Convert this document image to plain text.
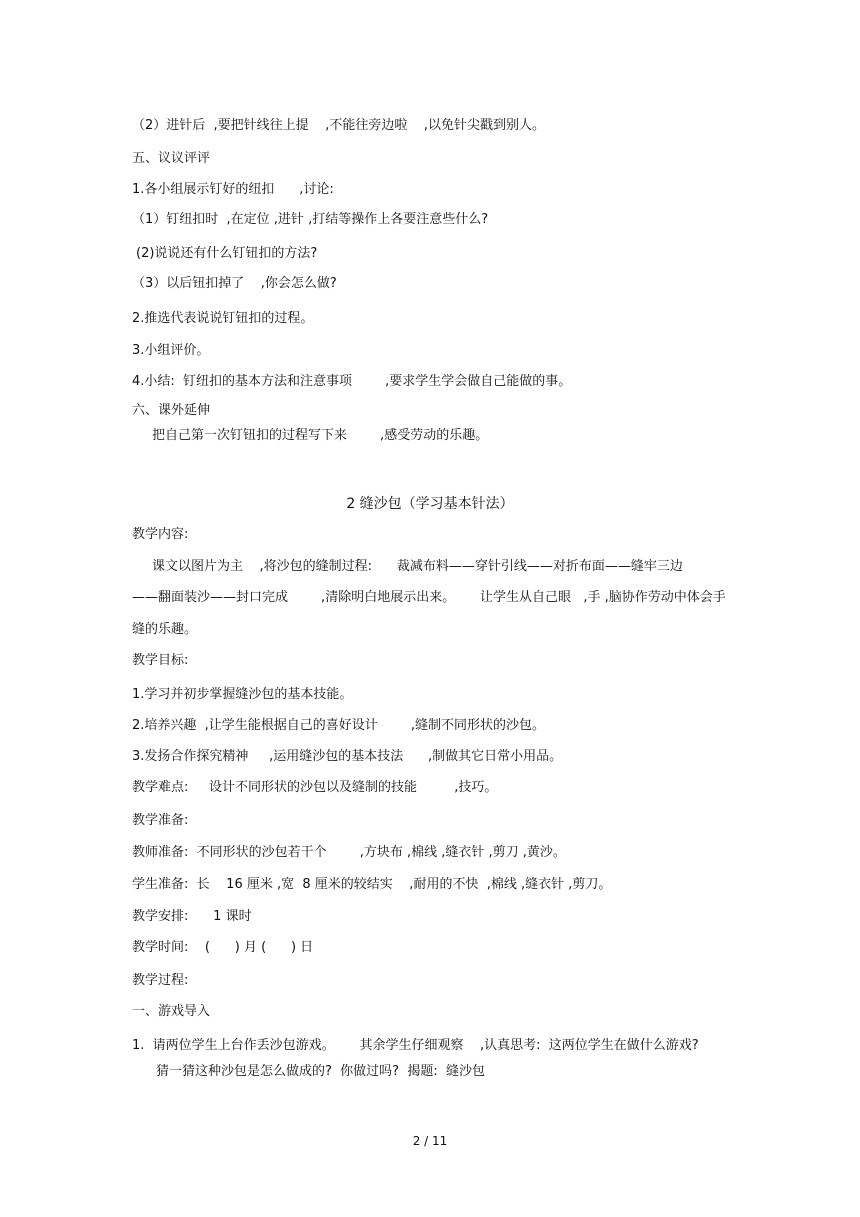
（2）进针后  ,要把针线往上提    ,不能往旁边啦    ,以免针尖戳到别人。
五、议议评评
1.各小组展示钉好的纽扣      ,讨论:
（1）钉纽扣时  ,在定位 ,进针 ,打结等操作上各要注意些什么?
(2)说说还有什么钉钮扣的方法?
（3）以后钮扣掉了    ,你会怎么做?
2.推选代表说说钉钮扣的过程。
3.小组评价。
4.小结:  钉纽扣的基本方法和注意事项        ,要求学生学会做自己能做的事。
六、课外延伸
把自己第一次钉钮扣的过程写下来        ,感受劳动的乐趣。
2 缝沙包（学习基本针法）
教学内容:
课文以图片为主    ,将沙包的缝制过程:      裁减布料——穿针引线——对折布面——缝牢三边
——翻面装沙——封口完成        ,清除明白地展示出来。      让学生从自己眼   ,手 ,脑协作劳动中体会手
缝的乐趣。
教学目标:
1.学习并初步掌握缝沙包的基本技能。
2.培养兴趣  ,让学生能根据自己的喜好设计        ,缝制不同形状的沙包。
3.发扬合作探究精神     ,运用缝沙包的基本技法      ,制做其它日常小用品。
教学难点:     设计不同形状的沙包以及缝制的技能         ,技巧。
教学准备:
教师准备:  不同形状的沙包若干个        ,方块布 ,棉线 ,缝衣针 ,剪刀 ,黄沙。
学生准备:  长    16 厘米 ,宽  8 厘米的较结实    ,耐用的不快  ,棉线 ,缝衣针 ,剪刀。
教学安排:      1 课时
教学时间:    (      ) 月 (      ) 日
教学过程:
一、游戏导入
1.  请两位学生上台作丢沙包游戏。      其余学生仔细观察    ,认真思考:  这两位学生在做什么游戏?
猜一猜这种沙包是怎么做成的?  你做过吗?  揭题:  缝沙包
2 / 11
